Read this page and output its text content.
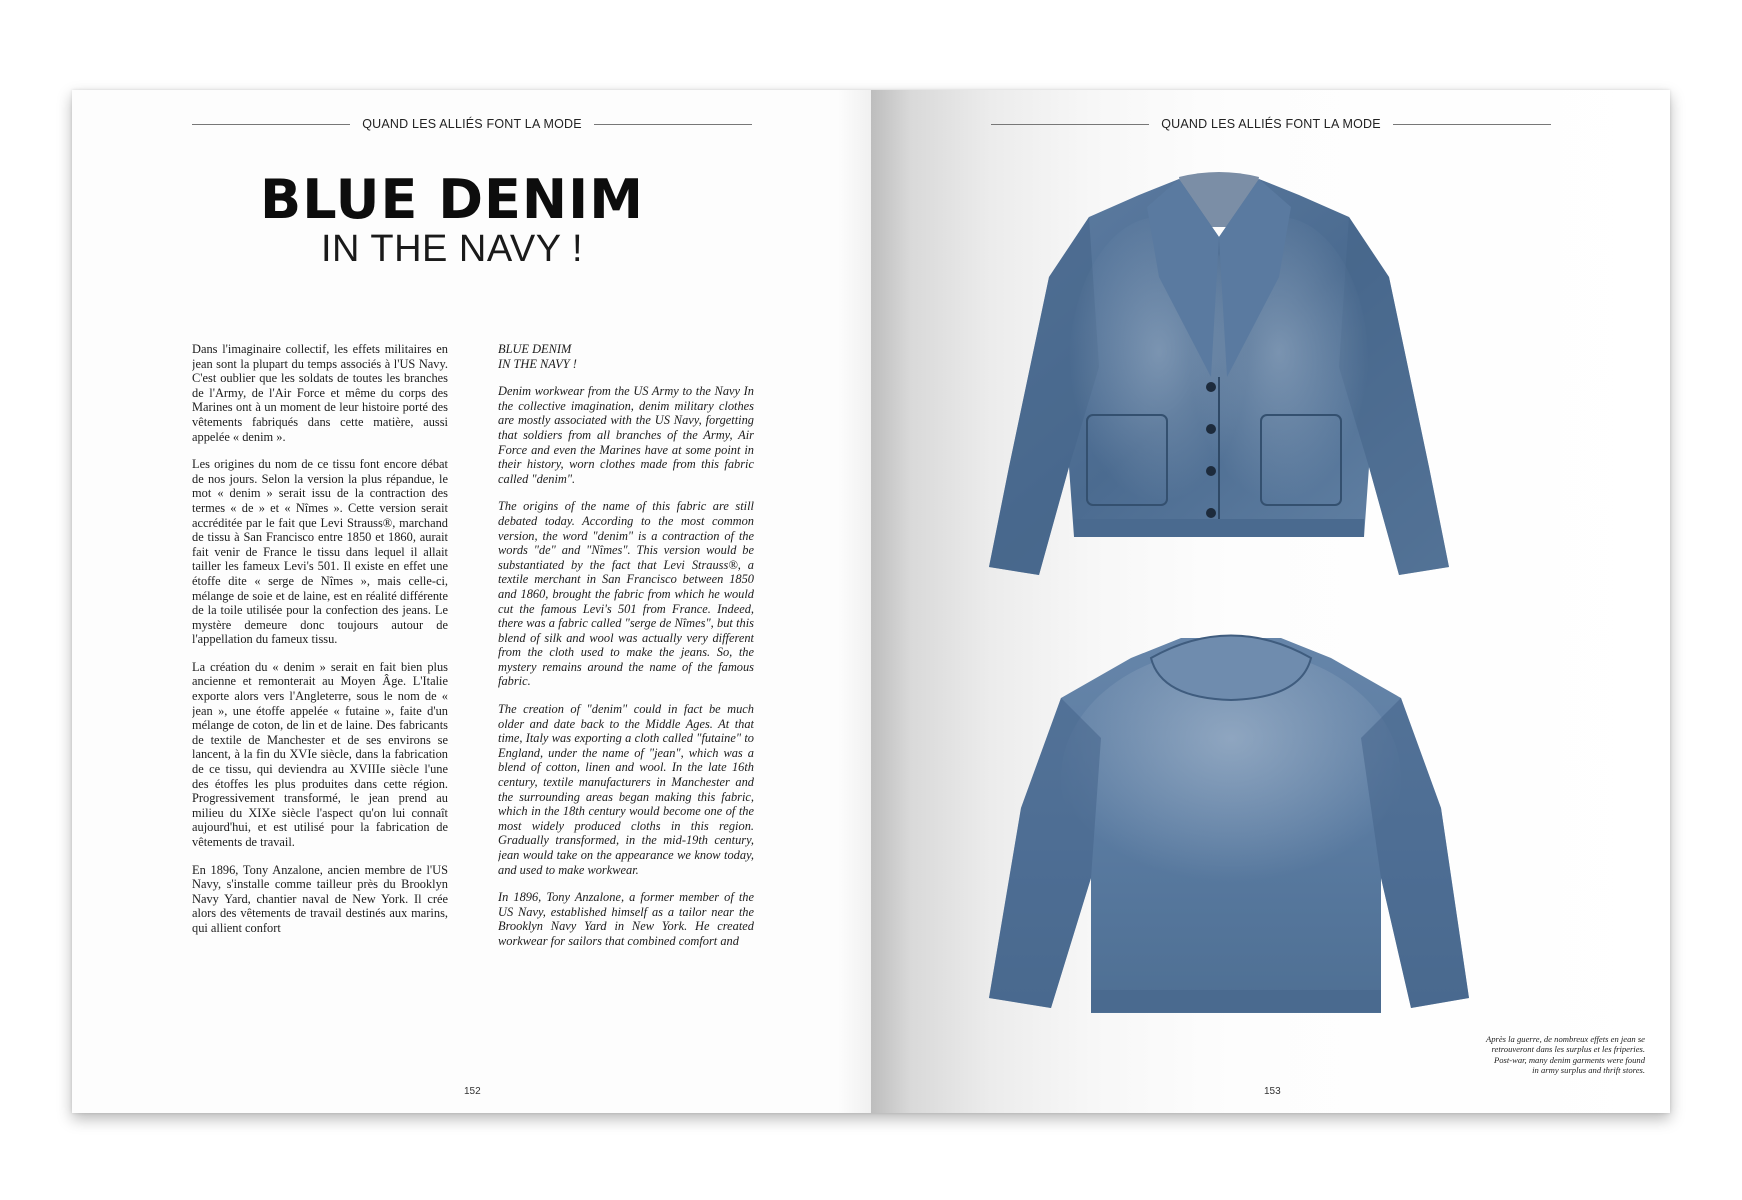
QUAND LES ALLIÉS FONT LA MODE
BLUE DENIM
IN THE NAVY !

Dans l'imaginaire collectif, les effets militaires en jean sont la plupart du temps associés à l'US Navy. C'est oublier que les soldats de toutes les branches de l'Army, de l'Air Force et même du corps des Marines ont à un moment de leur histoire porté des vêtements fabriqués dans cette matière, aussi appelée « denim ».

Les origines du nom de ce tissu font encore débat de nos jours. Selon la version la plus répandue, le mot « denim » serait issu de la contraction des termes « de » et « Nîmes ». Cette version serait accréditée par le fait que Levi Strauss®, marchand de tissu à San Francisco entre 1850 et 1860, aurait fait venir de France le tissu dans lequel il allait tailler les fameux Levi's 501. Il existe en effet une étoffe dite « serge de Nîmes », mais celle-ci, mélange de soie et de laine, est en réalité différente de la toile utilisée pour la confection des jeans. Le mystère demeure donc toujours autour de l'appellation du fameux tissu.

La création du « denim » serait en fait bien plus ancienne et remonterait au Moyen Âge. L'Italie exporte alors vers l'Angleterre, sous le nom de « jean », une étoffe appelée « futaine », faite d'un mélange de coton, de lin et de laine. Des fabricants de textile de Manchester et de ses environs se lancent, à la fin du XVIe siècle, dans la fabrication de ce tissu, qui deviendra au XVIIIe siècle l'une des étoffes les plus produites dans cette région. Progressivement transformé, le jean prend au milieu du XIXe siècle l'aspect qu'on lui connaît aujourd'hui, et est utilisé pour la fabrication de vêtements de travail.

En 1896, Tony Anzalone, ancien membre de l'US Navy, s'installe comme tailleur près du Brooklyn Navy Yard, chantier naval de New York. Il crée alors des vêtements de travail destinés aux marins, qui allient confort

BLUE DENIM
IN THE NAVY !

Denim workwear from the US Army to the Navy In the collective imagination, denim military clothes are mostly associated with the US Navy, forgetting that soldiers from all branches of the Army, Air Force and even the Marines have at some point in their history, worn clothes made from this fabric called "denim".

The origins of the name of this fabric are still debated today. According to the most common version, the word "denim" is a contraction of the words "de" and "Nîmes". This version would be substantiated by the fact that Levi Strauss®, a textile merchant in San Francisco between 1850 and 1860, brought the fabric from which he would cut the famous Levi's 501 from France. Indeed, there was a fabric called "serge de Nîmes", but this blend of silk and wool was actually very different from the cloth used to make the jeans. So, the mystery remains around the name of the famous fabric.

The creation of "denim" could in fact be much older and date back to the Middle Ages. At that time, Italy was exporting a cloth called "futaine" to England, under the name of "jean", which was a blend of cotton, linen and wool. In the late 16th century, textile manufacturers in Manchester and the surrounding areas began making this fabric, which in the 18th century would become one of the most widely produced cloths in this region. Gradually transformed, in the mid-19th century, jean would take on the appearance we know today, and used to make workwear.

In 1896, Tony Anzalone, a former member of the US Navy, established himself as a tailor near the Brooklyn Navy Yard in New York. He created workwear for sailors that combined comfort and

152
QUAND LES ALLIÉS FONT LA MODE
Après la guerre, de nombreux effets en jean se
retrouveront dans les surplus et les friperies.
Post-war, many denim garments were found
in army surplus and thrift stores.
153
